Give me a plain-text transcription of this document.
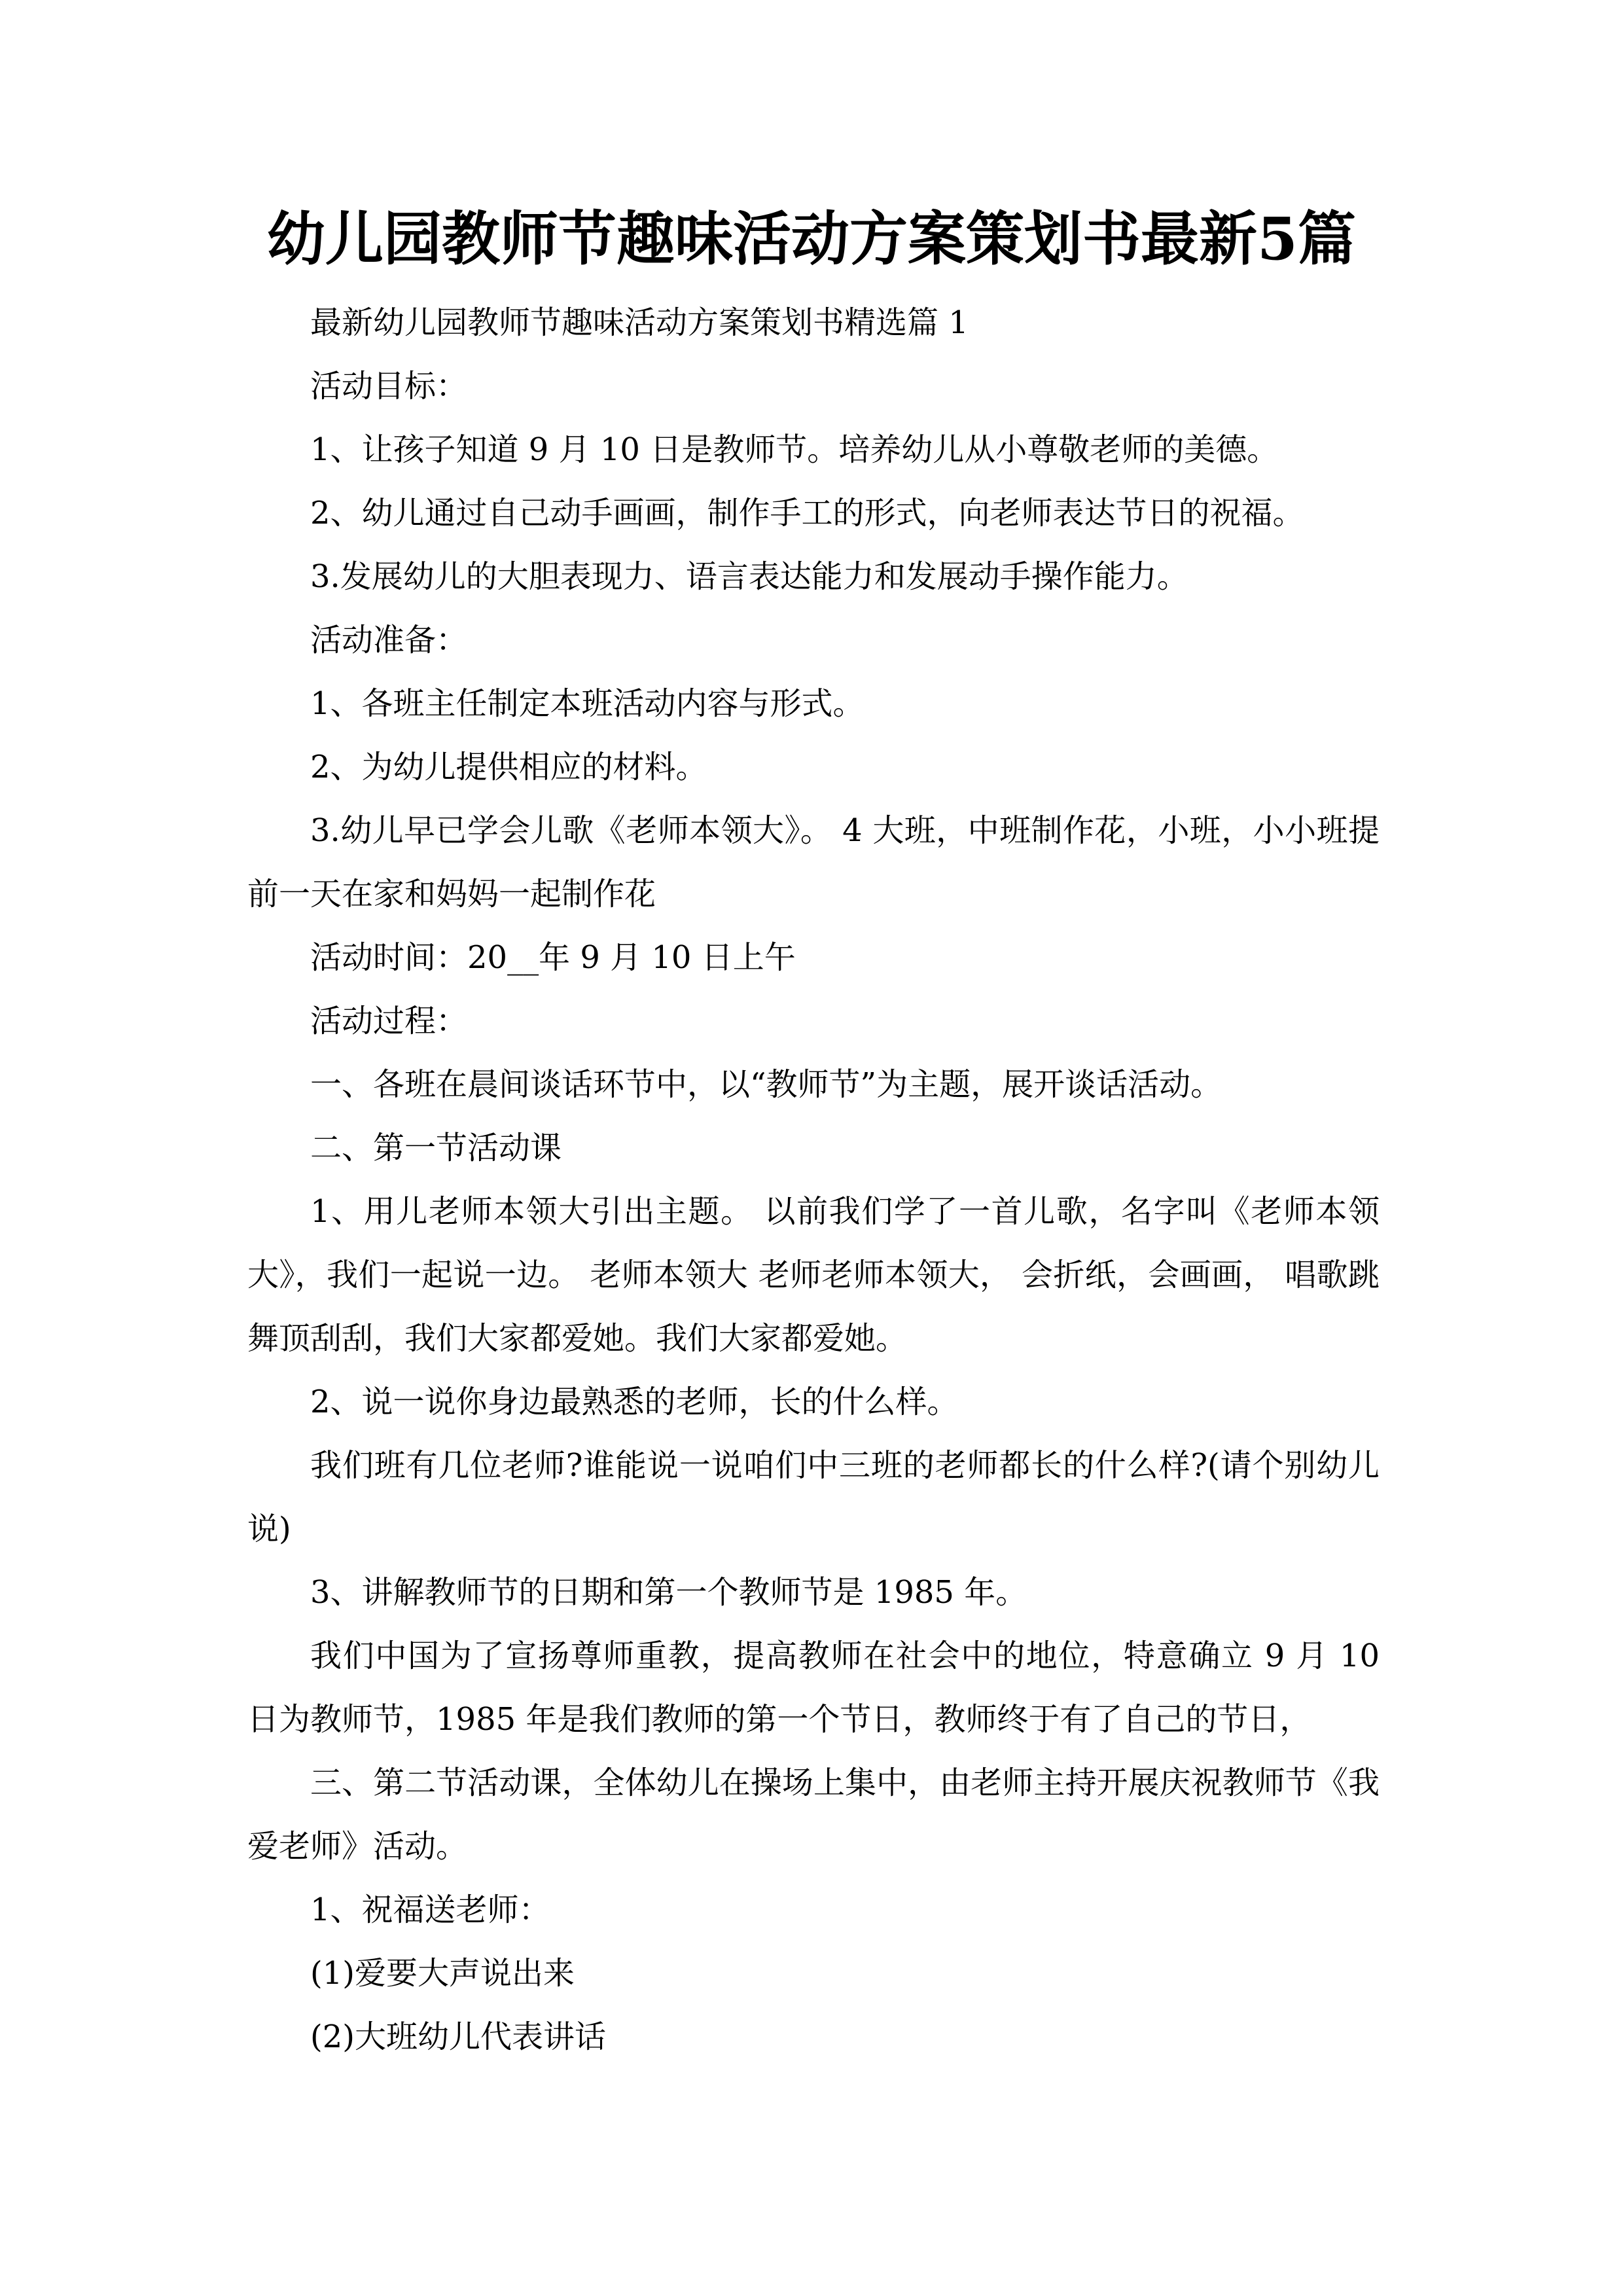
幼儿园教师节趣味活动方案策划书最新5篇

最新幼儿园教师节趣味活动方案策划书精选篇 1

活动目标：

1、让孩子知道 9 月 10 日是教师节。培养幼儿从小尊敬老师的美德。

2、幼儿通过自己动手画画，制作手工的形式，向老师表达节日的祝福。

3.发展幼儿的大胆表现力、语言表达能力和发展动手操作能力。

活动准备：

1、各班主任制定本班活动内容与形式。

2、为幼儿提供相应的材料。

3.幼儿早已学会儿歌《老师本领大》。 4 大班，中班制作花，小班，小小班提前一天在家和妈妈一起制作花

活动时间：20__年 9 月 10 日上午

活动过程：

一、各班在晨间谈话环节中，以“教师节”为主题，展开谈话活动。

二、第一节活动课

1、用儿老师本领大引出主题。 以前我们学了一首儿歌，名字叫《老师本领大》，我们一起说一边。 老师本领大 老师老师本领大， 会折纸，会画画， 唱歌跳舞顶刮刮，我们大家都爱她。我们大家都爱她。

2、说一说你身边最熟悉的老师，长的什么样。

我们班有几位老师?谁能说一说咱们中三班的老师都长的什么样?(请个别幼儿说)

3、讲解教师节的日期和第一个教师节是 1985 年。

我们中国为了宣扬尊师重教，提高教师在社会中的地位，特意确立 9 月 10 日为教师节，1985 年是我们教师的第一个节日，教师终于有了自己的节日，

三、第二节活动课，全体幼儿在操场上集中，由老师主持开展庆祝教师节《我爱老师》活动。

1、祝福送老师：

(1)爱要大声说出来

(2)大班幼儿代表讲话
